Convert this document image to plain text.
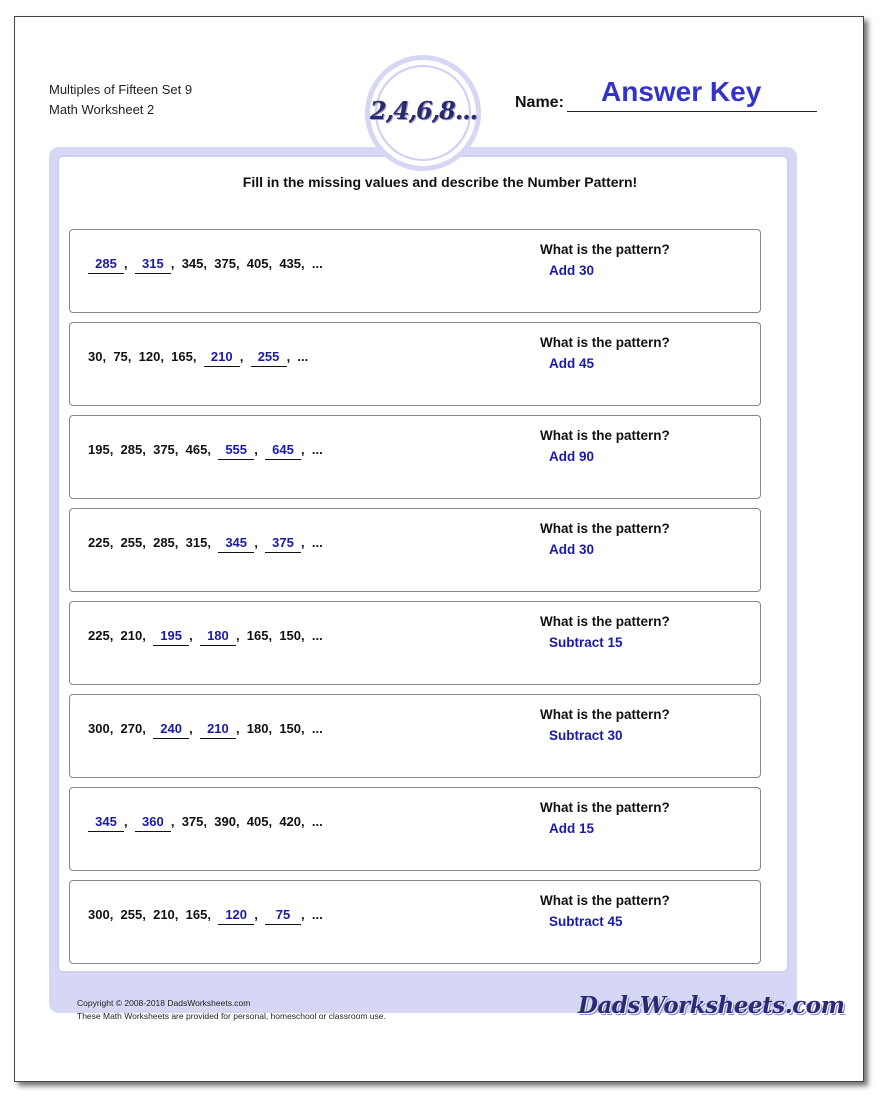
Multiples of Fifteen Set 9
Math Worksheet 2	Name: Answer Key
2,4,6,8...
Fill in the missing values and describe the Number Pattern!
285 ,  315 ,  345,  375,  405,  435,  ...
What is the pattern?
Add 30
30,  75,  120,  165,  210 ,  255 ,  ...
What is the pattern?
Add 45
195,  285,  375,  465,  555 ,  645 ,  ...
What is the pattern?
Add 90
225,  255,  285,  315,  345 ,  375 ,  ...
What is the pattern?
Add 30
225,  210,  195 ,  180 ,  165,  150,  ...
What is the pattern?
Subtract 15
300,  270,  240 ,  210 ,  180,  150,  ...
What is the pattern?
Subtract 30
345 ,  360 ,  375,  390,  405,  420,  ...
What is the pattern?
Add 15
300,  255,  210,  165,  120 ,  75 ,  ...
What is the pattern?
Subtract 45
Copyright © 2008-2018 DadsWorksheets.com
These Math Worksheets are provided for personal, homeschool or classroom use.	DadsWorksheets.com
